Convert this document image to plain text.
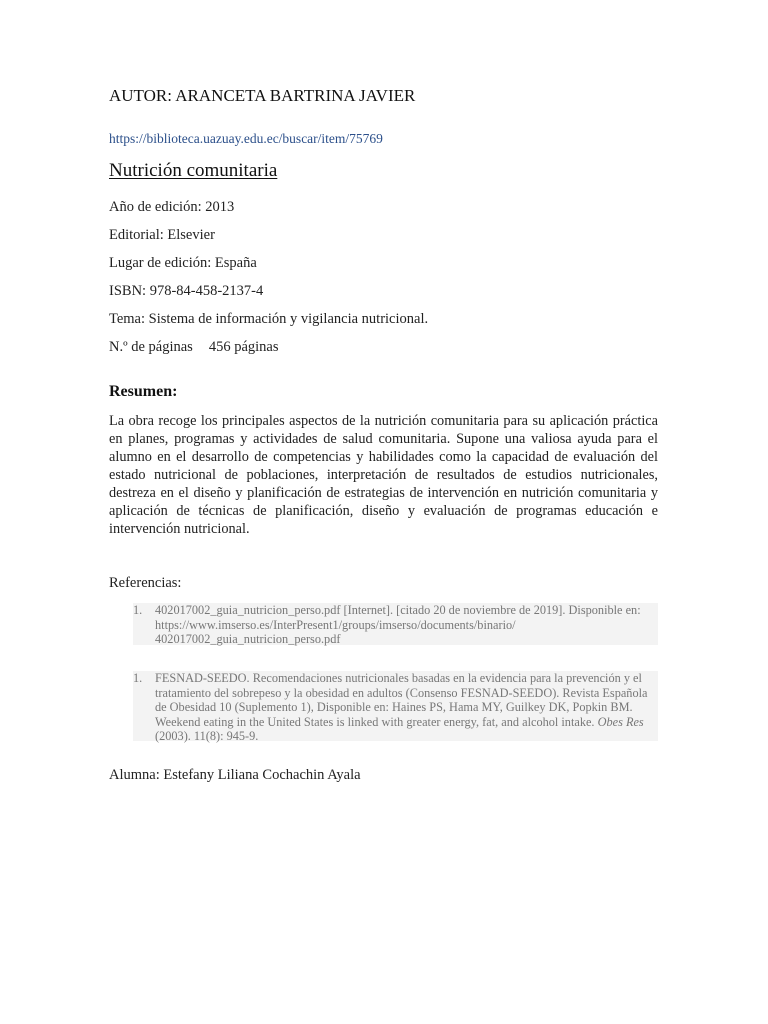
AUTOR: ARANCETA BARTRINA JAVIER
https://biblioteca.uazuay.edu.ec/buscar/item/75769
Nutrición comunitaria
Año de edición: 2013
Editorial: Elsevier
Lugar de edición: España
ISBN: 978-84-458-2137-4
Tema: Sistema de información y vigilancia nutricional.
N.º de páginas 456 páginas
Resumen:
La obra recoge los principales aspectos de la nutrición comunitaria para su aplicación práctica en planes, programas y actividades de salud comunitaria. Supone una valiosa ayuda para el alumno en el desarrollo de competencias y habilidades como la capacidad de evaluación del estado nutricional de poblaciones, interpretación de resultados de estudios nutricionales, destreza en el diseño y planificación de estrategias de intervención en nutrición comunitaria y aplicación de técnicas de planificación, diseño y evaluación de programas educación e intervención nutricional.
Referencias:
1. 402017002_guia_nutricion_perso.pdf [Internet]. [citado 20 de noviembre de 2019]. Disponible en: https://www.imserso.es/InterPresent1/groups/imserso/documents/binario/ 402017002_guia_nutricion_perso.pdf
1. FESNAD-SEEDO. Recomendaciones nutricionales basadas en la evidencia para la prevención y el tratamiento del sobrepeso y la obesidad en adultos (Consenso FESNAD-SEEDO). Revista Española de Obesidad 10 (Suplemento 1), Disponible en: Haines PS, Hama MY, Guilkey DK, Popkin BM. Weekend eating in the United States is linked with greater energy, fat, and alcohol intake. Obes Res (2003). 11(8): 945-9.
Alumna: Estefany Liliana Cochachin Ayala
